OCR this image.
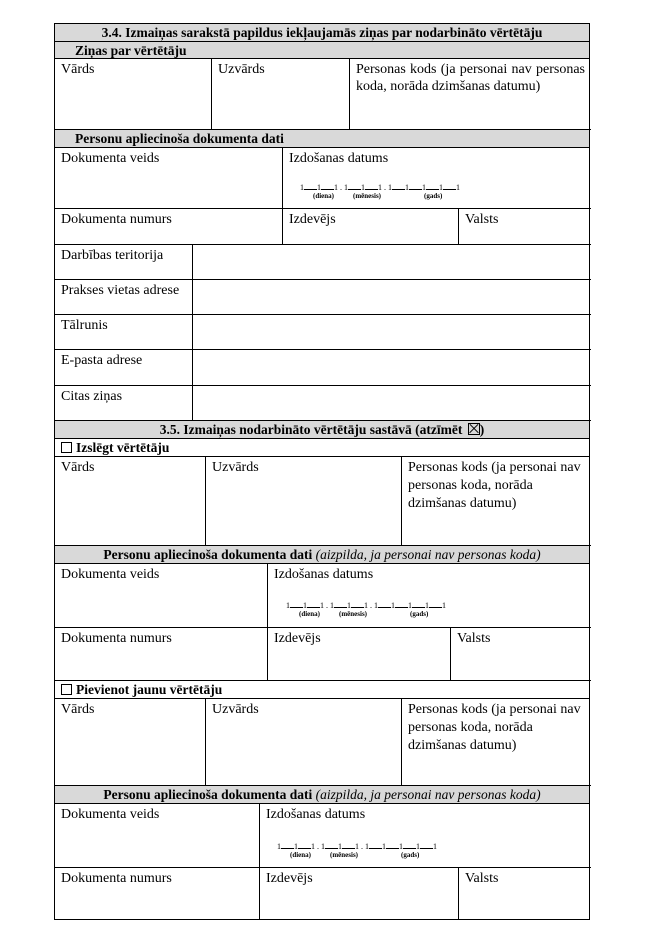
3.4. Izmaiņas sarakstā papildus iekļaujamās ziņas par nodarbināto vērtētāju
Ziņas par vērtētāju
Vārds	Uzvārds	Personas kods (ja personai nav personas koda, norāda dzimšanas datumu)
Personu apliecinoša dokumenta dati
Dokumenta veids	Izdošanas datums
1 1 1
(diena)
. 1 1 1
(mēnesis)
. 1 1 1 1 1
(gads)
Dokumenta numurs	Izdevējs	Valsts
Darbības teritorija
Prakses vietas adrese
Tālrunis
E-pasta adrese
Citas ziņas
3.5. Izmaiņas nodarbināto vērtētāju sastāvā (atzīmēt )
Izslēgt vērtētāju
Vārds	Uzvārds	Personas kods (ja personai nav personas koda, norāda dzimšanas datumu)
Personu apliecinoša dokumenta dati (aizpilda, ja personai nav personas koda)
Dokumenta veids	Izdošanas datums
1 1 1
(diena)
. 1 1 1
(mēnesis)
. 1 1 1 1 1
(gads)
Dokumenta numurs	Izdevējs	Valsts
Pievienot jaunu vērtētāju
Vārds	Uzvārds	Personas kods (ja personai nav personas koda, norāda dzimšanas datumu)
Personu apliecinoša dokumenta dati (aizpilda, ja personai nav personas koda)
Dokumenta veids	Izdošanas datums
1 1 1
(diena)
. 1 1 1
(mēnesis)
. 1 1 1 1 1
(gads)
Dokumenta numurs	Izdevējs	Valsts
